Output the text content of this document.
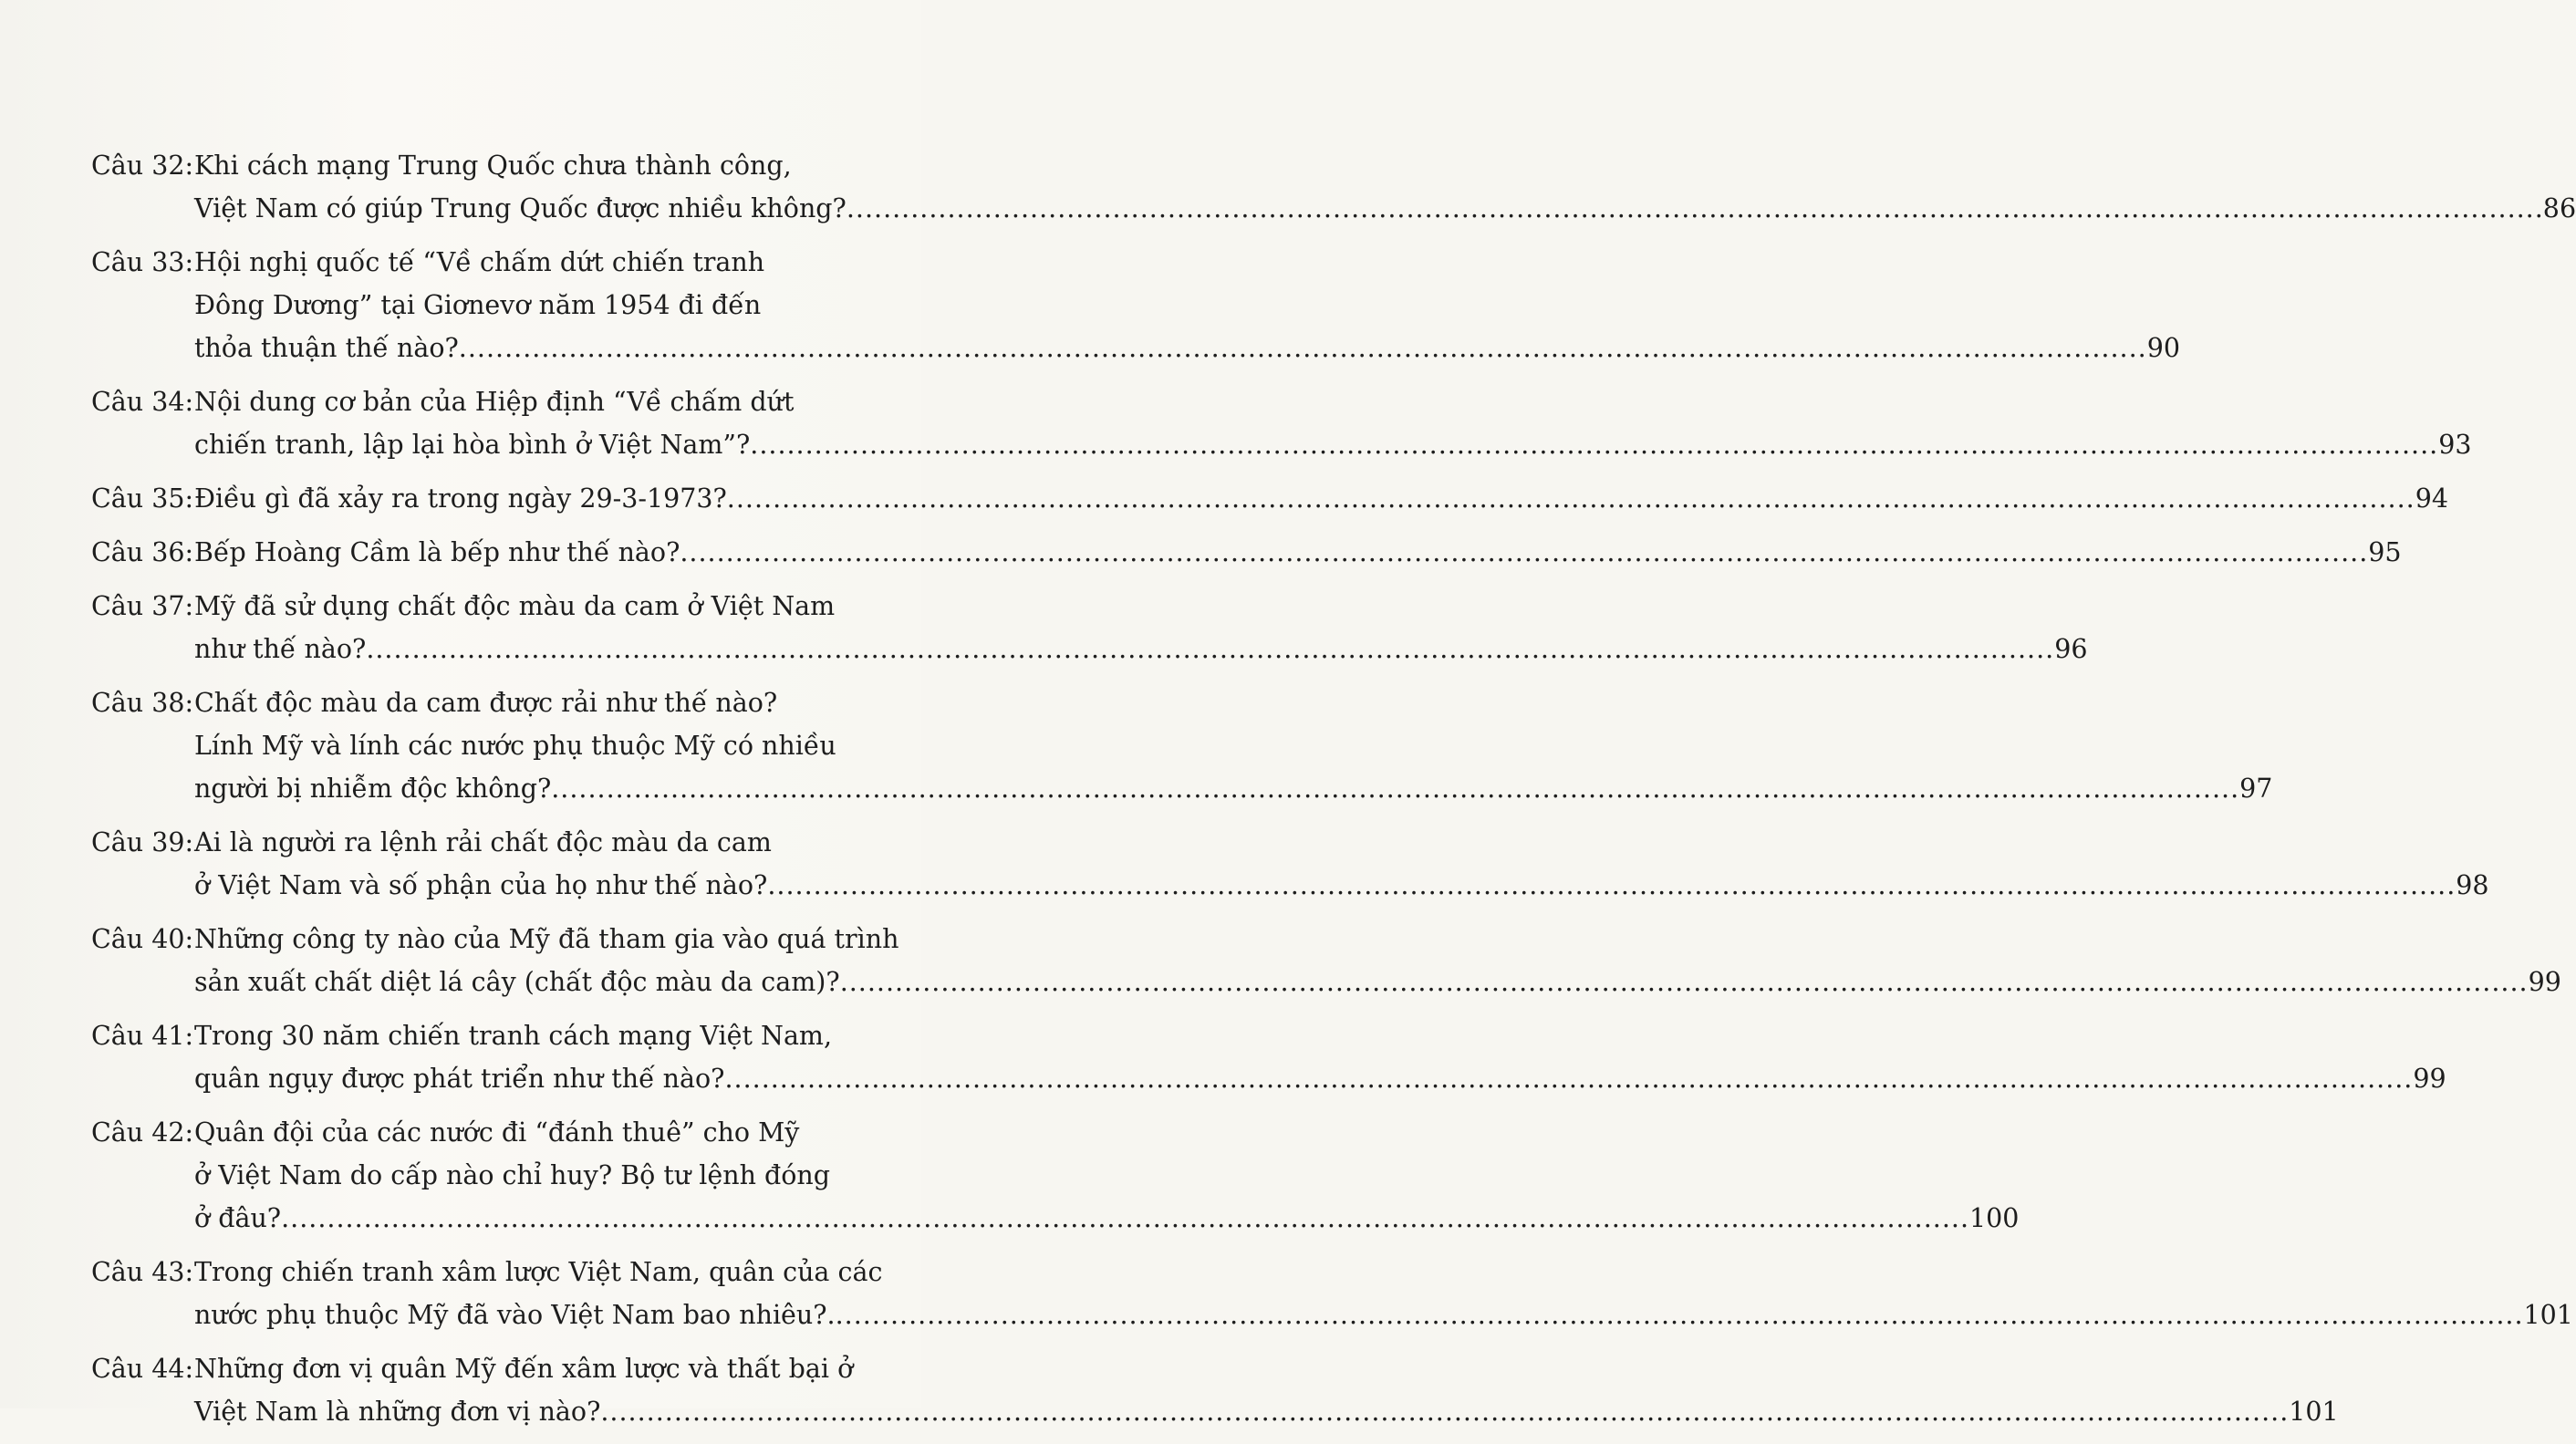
Câu 32: Khi cách mạng Trung Quốc chưa thành công,
Việt Nam có giúp Trung Quốc được nhiều không? .....	.86
Câu 33: Hội nghị quốc tế “Về chấm dứt chiến tranh
Đông Dương” tại Giơnevơ năm 1954 đi đến
thỏa thuận thế nào? .....	90
Câu 34: Nội dung cơ bản của Hiệp định “Về chấm dứt
chiến tranh, lập lại hòa bình ở Việt Nam”? .....	93
Câu 35: Điều gì đã xảy ra trong ngày 29-3-1973? .....	94
Câu 36: Bếp Hoàng Cầm là bếp như thế nào? .....	95
Câu 37: Mỹ đã sử dụng chất độc màu da cam ở Việt Nam
như thế nào? .....	96
Câu 38: Chất độc màu da cam được rải như thế nào?
Lính Mỹ và lính các nước phụ thuộc Mỹ có nhiều
người bị nhiễm độc không? .....	97
Câu 39: Ai là người ra lệnh rải chất độc màu da cam
ở Việt Nam và số phận của họ như thế nào? .....	98
Câu 40: Những công ty nào của Mỹ đã tham gia vào quá trình
sản xuất chất diệt lá cây (chất độc màu da cam)? .....	99
Câu 41: Trong 30 năm chiến tranh cách mạng Việt Nam,
quân ngụy được phát triển như thế nào? .....	99
Câu 42: Quân đội của các nước đi “đánh thuê” cho Mỹ
ở Việt Nam do cấp nào chỉ huy? Bộ tư lệnh đóng
ở đâu? .....	100
Câu 43: Trong chiến tranh xâm lược Việt Nam, quân của các
nước phụ thuộc Mỹ đã vào Việt Nam bao nhiêu?. .....	101
Câu 44: Những đơn vị quân Mỹ đến xâm lược và thất bại ở
Việt Nam là những đơn vị nào? .....	101
